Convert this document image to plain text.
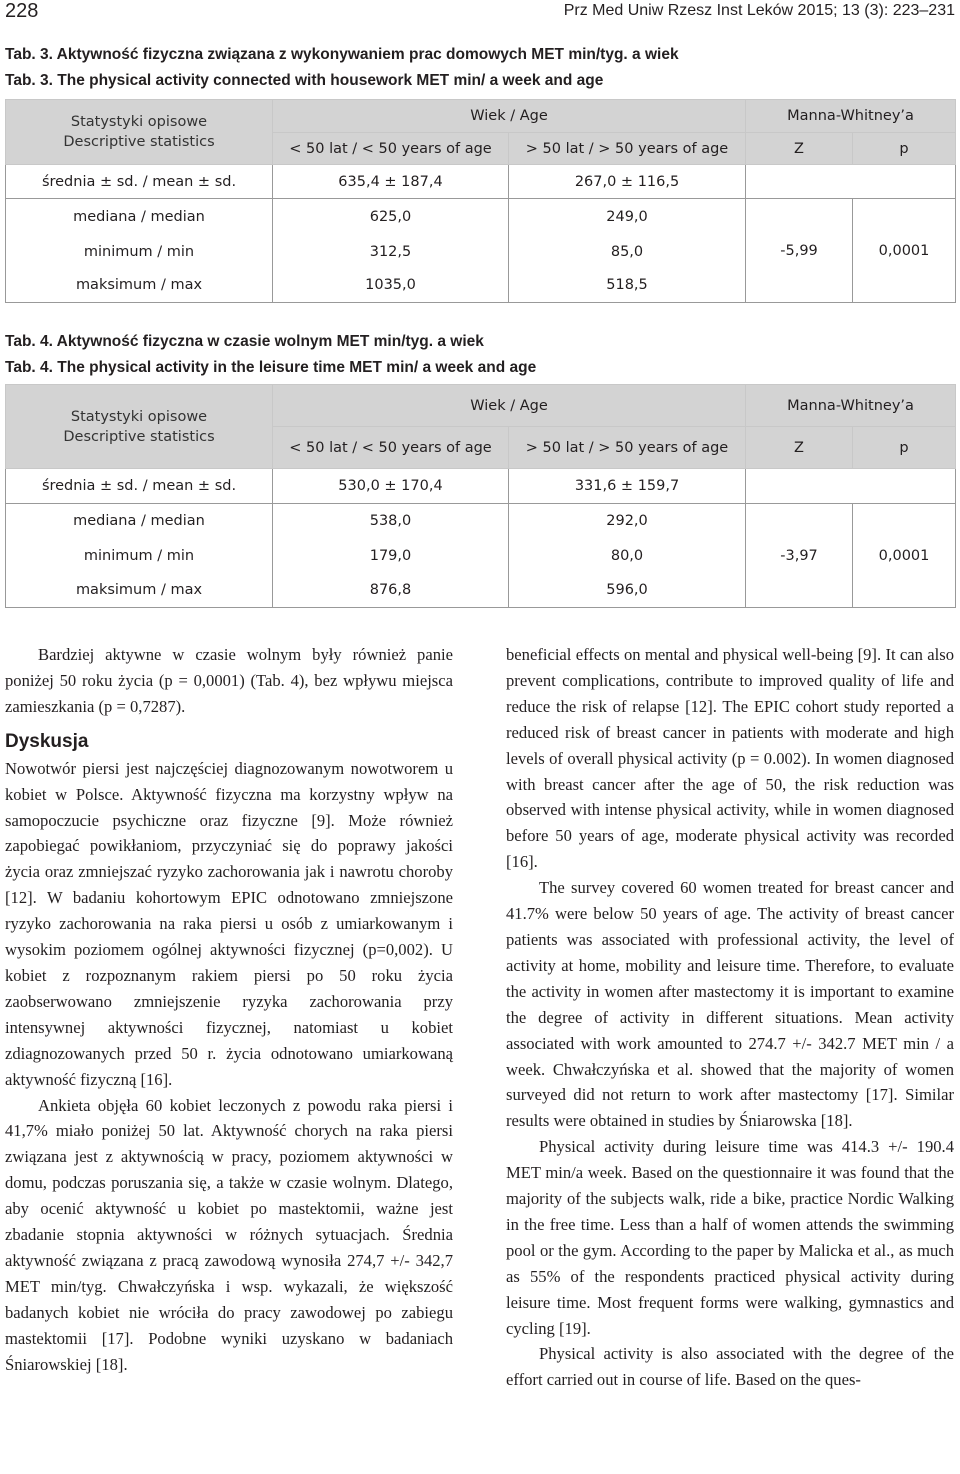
228	Prz Med Uniw Rzesz Inst Leków 2015; 13 (3): 223–231
Tab. 3. Aktywność fizyczna związana z wykonywaniem prac domowych MET min/tyg. a wiek
Tab. 3. The physical activity connected with housework MET min/ a week and age
Statystyki opisowe
Descriptive statistics	Wiek / Age		Manna-Whitney’a	
	< 50 lat / < 50 years of age	> 50 lat / > 50 years of age	Z	p
średnia ± sd. / mean ± sd.	635,4 ± 187,4	267,0 ± 116,5		
mediana / median	625,0	249,0	-5,99	0,0001
minimum / min	312,5	85,0		
maksimum / max	1035,0	518,5		
Tab. 4. Aktywność fizyczna w czasie wolnym MET min/tyg. a wiek
Tab. 4. The physical activity in the leisure time MET min/ a week and age
Statystyki opisowe
Descriptive statistics	Wiek / Age		Manna-Whitney’a	
	< 50 lat / < 50 years of age	> 50 lat / > 50 years of age	Z	p
średnia ± sd. / mean ± sd.	530,0 ± 170,4	331,6 ± 159,7		
mediana / median	538,0	292,0	-3,97	0,0001
minimum / min	179,0	80,0		
maksimum / max	876,8	596,0		

Bardziej aktywne w czasie wolnym były również panie poniżej 50 roku życia (p = 0,0001) (Tab. 4), bez wpływu miejsca zamieszkania (p = 0,7287).

Dyskusja

Nowotwór piersi jest najczęściej diagnozowanym nowotworem u kobiet w Polsce. Aktywność fizyczna ma korzystny wpływ na samopoczucie psychiczne oraz fizyczne [9]. Może również zapobiegać powikłaniom, przyczyniać się do poprawy jakości życia oraz zmniejszać ryzyko zachorowania jak i nawrotu choroby [12]. W badaniu kohortowym EPIC odnotowano zmniejszone ryzyko zachorowania na raka piersi u osób z umiarkowanym i wysokim poziomem ogólnej aktywności fizycznej (p=0,002). U kobiet z rozpoznanym rakiem piersi po 50 roku życia zaobserwowano zmniejszenie ryzyka zachorowania przy intensywnej aktywności fizycznej, natomiast u kobiet zdiagnozowanych przed 50 r. życia odnotowano umiarkowaną aktywność fizyczną [16].

Ankieta objęła 60 kobiet leczonych z powodu raka piersi i 41,7% miało poniżej 50 lat. Aktywność chorych na raka piersi związana jest z aktywnością w pracy, poziomem aktywności w domu, podczas poruszania się, a także w czasie wolnym. Dlatego, aby ocenić aktywność u kobiet po mastektomii, ważne jest zbadanie stopnia aktywności w różnych sytuacjach. Średnia aktywność związana z pracą zawodową wynosiła 274,7 +/- 342,7 MET min/tyg. Chwałczyńska i wsp. wykazali, że większość badanych kobiet nie wróciła do pracy zawodowej po zabiegu mastektomii [17]. Podobne wyniki uzyskano w badaniach Śniarowskiej [18].

beneficial effects on mental and physical well-being [9]. It can also prevent complications, contribute to improved quality of life and reduce the risk of relapse [12]. The EPIC cohort study reported a reduced risk of breast cancer in patients with moderate and high levels of overall physical activity (p = 0.002). In women diagnosed with breast cancer after the age of 50, the risk reduction was observed with intense physical activity, while in women diagnosed before 50 years of age, moderate physical activity was recorded [16].

The survey covered 60 women treated for breast cancer and 41.7% were below 50 years of age. The activity of breast cancer patients was associated with professional activity, the level of activity at home, mobility and leisure time. Therefore, to evaluate the activity in women after mastectomy it is important to examine the degree of activity in different situations. Mean activity associated with work amounted to 274.7 +/- 342.7 MET min / a week. Chwałczyńska et al. showed that the majority of women surveyed did not return to work after mastectomy [17]. Similar results were obtained in studies by Śniarowska [18].

Physical activity during leisure time was 414.3 +/- 190.4 MET min/a week. Based on the questionnaire it was found that the majority of the subjects walk, ride a bike, practice Nordic Walking in the free time. Less than a half of women attends the swimming pool or the gym. According to the paper by Malicka et al., as much as 55% of the respondents practiced physical activity during leisure time. Most frequent forms were walking, gymnastics and cycling [19].

Physical activity is also associated with the degree of the effort carried out in course of life. Based on the ques-
